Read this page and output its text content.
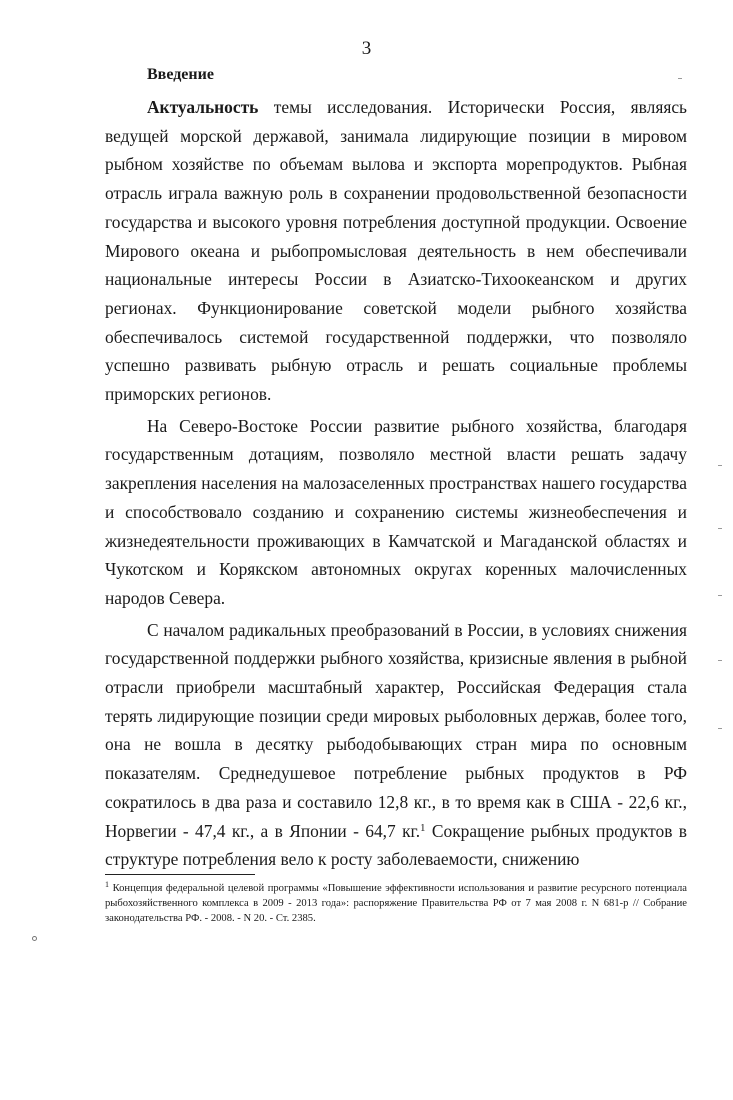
3
Введение

Актуальность темы исследования. Исторически Россия, являясь ведущей морской державой, занимала лидирующие позиции в мировом рыбном хозяйстве по объемам вылова и экспорта морепродуктов. Рыбная отрасль играла важную роль в сохранении продовольственной безопасности государства и высокого уровня потребления доступной продукции. Освоение Мирового океана и рыбопромысловая деятельность в нем обеспечивали национальные интересы России в Азиатско-Тихоокеанском и других регионах. Функционирование советской модели рыбного хозяйства обеспечивалось системой государственной поддержки, что позволяло успешно развивать рыбную отрасль и решать социальные проблемы приморских регионов.

На Северо-Востоке России развитие рыбного хозяйства, благодаря государственным дотациям, позволяло местной власти решать задачу закрепления населения на малозаселенных пространствах нашего государства и способствовало созданию и сохранению системы жизнеобеспечения и жизнедеятельности проживающих в Камчатской и Магаданской областях и Чукотском и Корякском автономных округах коренных малочисленных народов Севера.

С началом радикальных преобразований в России, в условиях снижения государственной поддержки рыбного хозяйства, кризисные явления в рыбной отрасли приобрели масштабный характер, Российская Федерация стала терять лидирующие позиции среди мировых рыболовных держав, более того, она не вошла в десятку рыбодобывающих стран мира по основным показателям. Среднедушевое потребление рыбных продуктов в РФ сократилось в два раза и составило 12,8 кг., в то время как в США - 22,6 кг., Норвегии - 47,4 кг., а в Японии - 64,7 кг.$^1$ Сокращение рыбных продуктов в структуре потребления вело к росту заболеваемости, снижению

$^1$ Концепция федеральной целевой программы «Повышение эффективности использования и развитие ресурсного потенциала рыбохозяйственного комплекса в 2009 - 2013 года»: распоряжение Правительства РФ от 7 мая 2008 г. N 681-р // Собрание законодательства РФ. - 2008. - N 20. - Ст. 2385.
